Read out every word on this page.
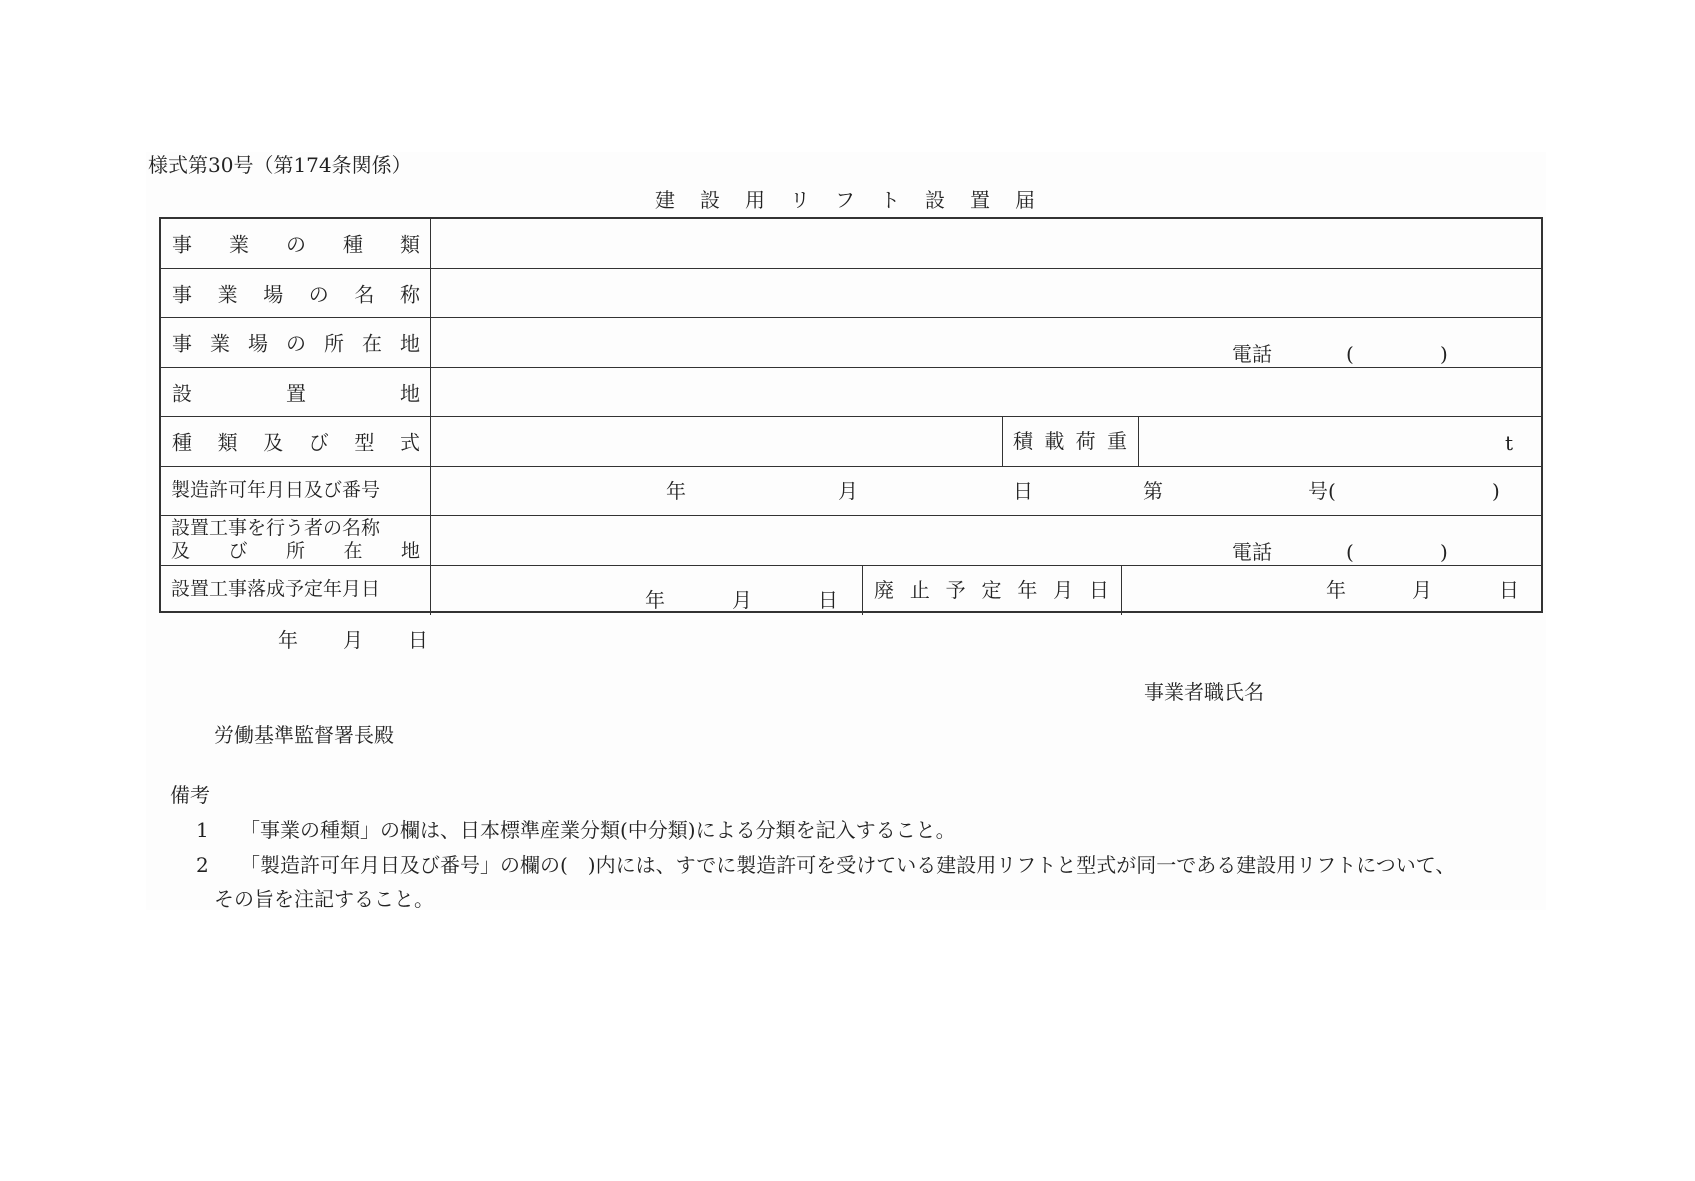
様式第30号（第174条関係）
建 設 用 リ フ ト 設 置 届
事 業 の 種 類
事 業 場 の 名 称
事 業 場 の 所 在 地	電話	(	)
設	置	地
種 類 及 び 型 式	積 載 荷 重	t
製造許可年月日及び番号	年	月	日	第	号(	)
設置工事を行う者の名称
及 び 所 在 地	電話	(	)
設置工事落成予定年月日	年	月	日 廃 止 予 定 年 月 日	年	月	日
年 月 日
事業者職氏名
労働基準監督署長殿
備考
1 「事業の種類」の欄は、日本標準産業分類(中分類)による分類を記入すること。
2 「製造許可年月日及び番号」の欄の(　)内には、すでに製造許可を受けている建設用リフトと型式が同一である建設用リフトについて、
その旨を注記すること。
